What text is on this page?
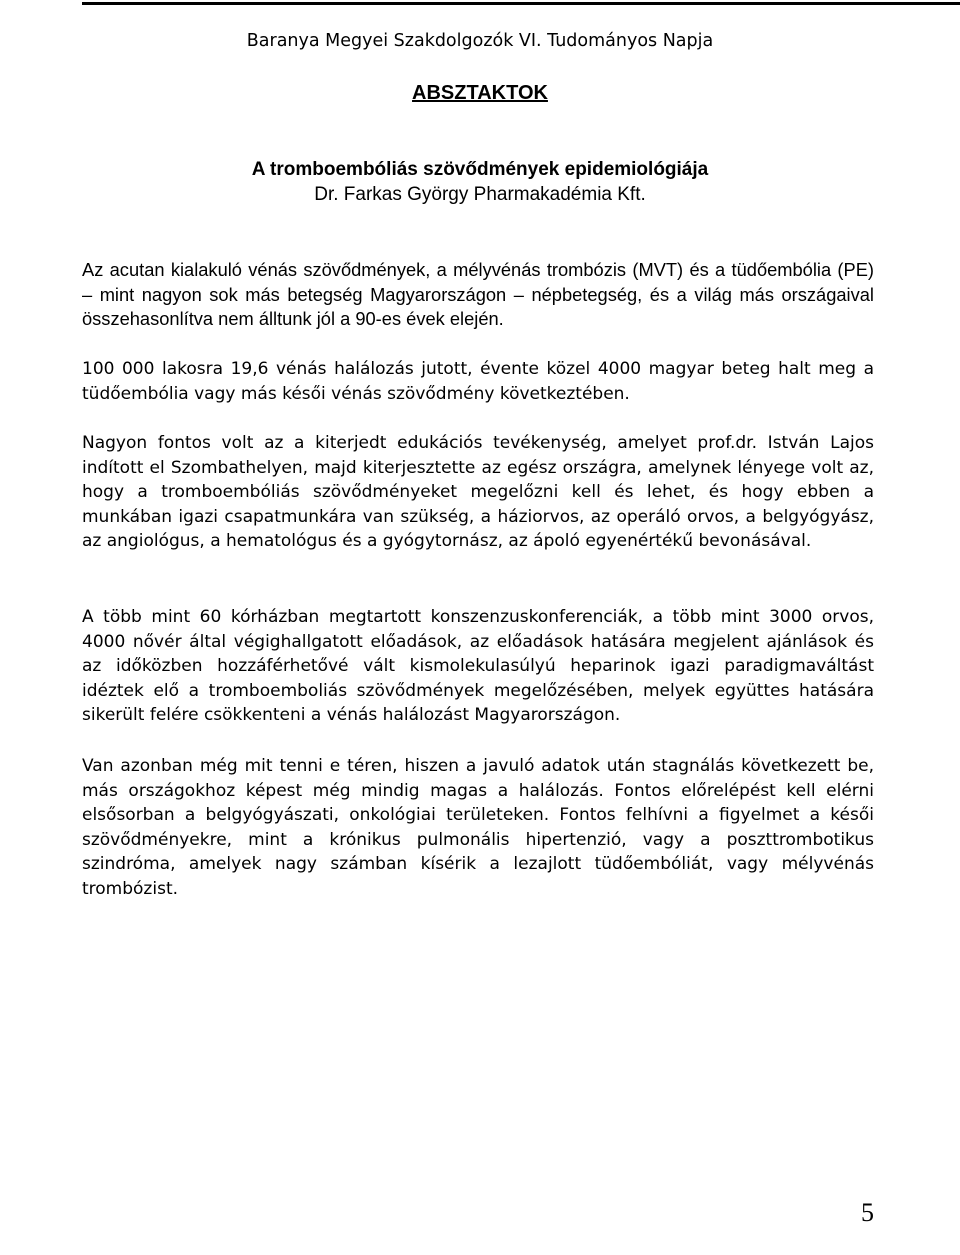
Baranya Megyei Szakdolgozók VI. Tudományos Napja
ABSZTAKTOK
A tromboembóliás szövődmények epidemiológiája
Dr. Farkas György Pharmakadémia Kft.

Az acutan kialakuló vénás szövődmények, a mélyvénás trombózis (MVT) és a tüdőembólia (PE) – mint nagyon sok más betegség Magyarországon – népbetegség, és a világ más országaival összehasonlítva nem álltunk jól a 90-es évek elején.

100 000 lakosra 19,6 vénás halálozás jutott, évente közel 4000 magyar beteg halt meg a tüdőembólia vagy más késői vénás szövődmény következtében.

Nagyon fontos volt az a kiterjedt edukációs tevékenység, amelyet prof.dr. István Lajos indított el Szombathelyen, majd kiterjesztette az egész országra, amelynek lényege volt az, hogy a tromboembóliás szövődményeket megelőzni kell és lehet, és hogy ebben a munkában igazi csapatmunkára van szükség, a háziorvos, az operáló orvos, a belgyógyász, az angiológus, a hematológus és a gyógytornász, az ápoló egyenértékű bevonásával.

A több mint 60 kórházban megtartott konszenzuskonferenciák, a több mint 3000 orvos, 4000 nővér által végighallgatott előadások, az előadások hatására megjelent ajánlások és az időközben hozzáférhetővé vált kismolekulasúlyú heparinok igazi paradigmaváltást idéztek elő a tromboemboliás szövődmények megelőzésében, melyek együttes hatására sikerült felére csökkenteni a vénás halálozást Magyarországon.

Van azonban még mit tenni e téren, hiszen a javuló adatok után stagnálás következett be, más országokhoz képest még mindig magas a halálozás. Fontos előrelépést kell elérni elsősorban a belgyógyászati, onkológiai területeken. Fontos felhívni a figyelmet a késői szövődményekre, mint a krónikus pulmonális hipertenzió, vagy a poszttrombotikus szindróma, amelyek nagy számban kísérik a lezajlott tüdőembóliát, vagy mélyvénás trombózist.

5
